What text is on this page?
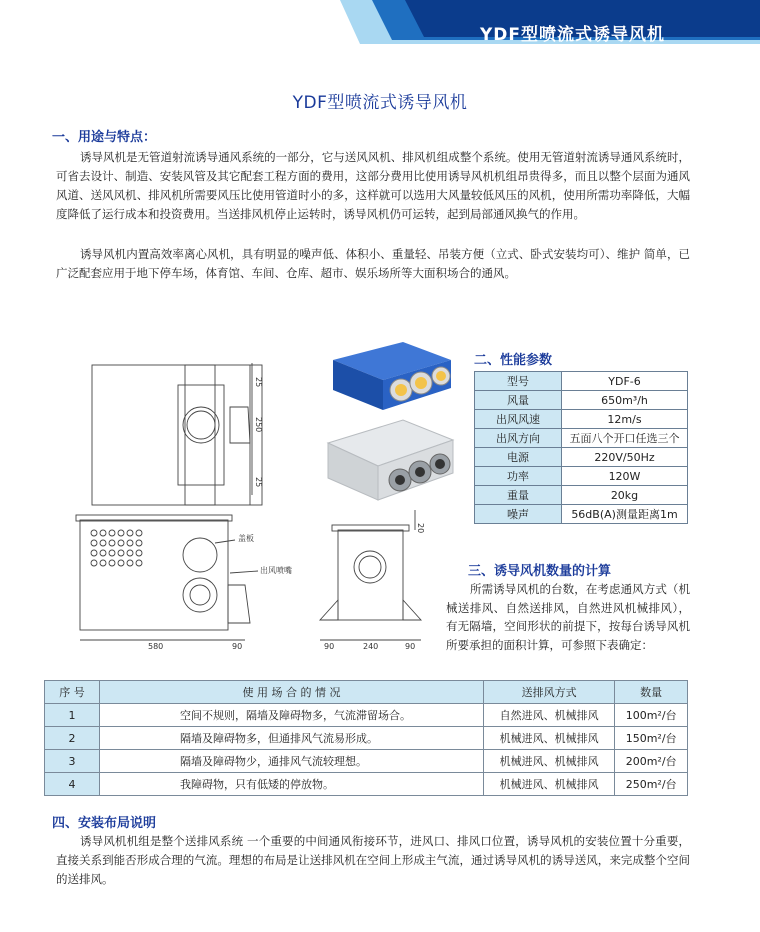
YDF型喷流式诱导风机
YDF型喷流式诱导风机
一、用途与特点：
诱导风机是无管道射流诱导通风系统的一部分，它与送风风机、排风机组成整个系统。使用无管道射流诱导通风系统时，可省去设计、制造、安装风管及其它配套工程方面的费用，这部分费用比使用诱导风机机组昂贵得多，而且以整个层面为通风风道、送风风机、排风机所需要风压比使用管道时小的多，这样就可以选用大风量较低风压的风机，使用所需功率降低，大幅度降低了运行成本和投资费用。当送排风机停止运转时，诱导风机仍可运转，起到局部通风换气的作用。
诱导风机内置高效率离心风机，具有明显的噪声低、体积小、重量轻、吊装方便（立式、卧式安装均可）、维护 简单，已广泛配套应用于地下停车场，体育馆、车间、仓库、超市、娱乐场所等大面积场合的通风。
25
250
25
盖板
出风喷嘴
580	90
20
90	240	90
二、性能参数
型号	YDF-6
风量	650m³/h
出风风速	12m/s
出风方向	五面八个开口任选三个
电源	220V/50Hz
功率	120W
重量	20kg
噪声	56dB(A)测量距离1m
三、诱导风机数量的计算
所需诱导风机的台数，在考虑通风方式（机械送排风、自然送排风，自然进风机械排风），有无隔墙，空间形状的前提下，按每台诱导风机所要承担的面积计算，可参照下表确定：
序 号	使 用 场 合 的 情 况	送排风方式	数量
1	空间不规则，隔墙及障碍物多，气流滞留场合。	自然进风、机械排风	100m²/台
2	隔墙及障碍物多，但通排风气流易形成。	机械进风、机械排风	150m²/台
3	隔墙及障碍物少，通排风气流较理想。	机械进风、机械排风	200m²/台
4	我障碍物，只有低矮的停放物。	机械进风、机械排风	250m²/台
四、安装布局说明
诱导风机机组是整个送排风系统 一个重要的中间通风衔接环节，进风口、排风口位置，诱导风机的安装位置十分重要，直接关系到能否形成合理的气流。理想的布局是让送排风机在空间上形成主气流，通过诱导风机的诱导送风，来完成整个空间的送排风。
